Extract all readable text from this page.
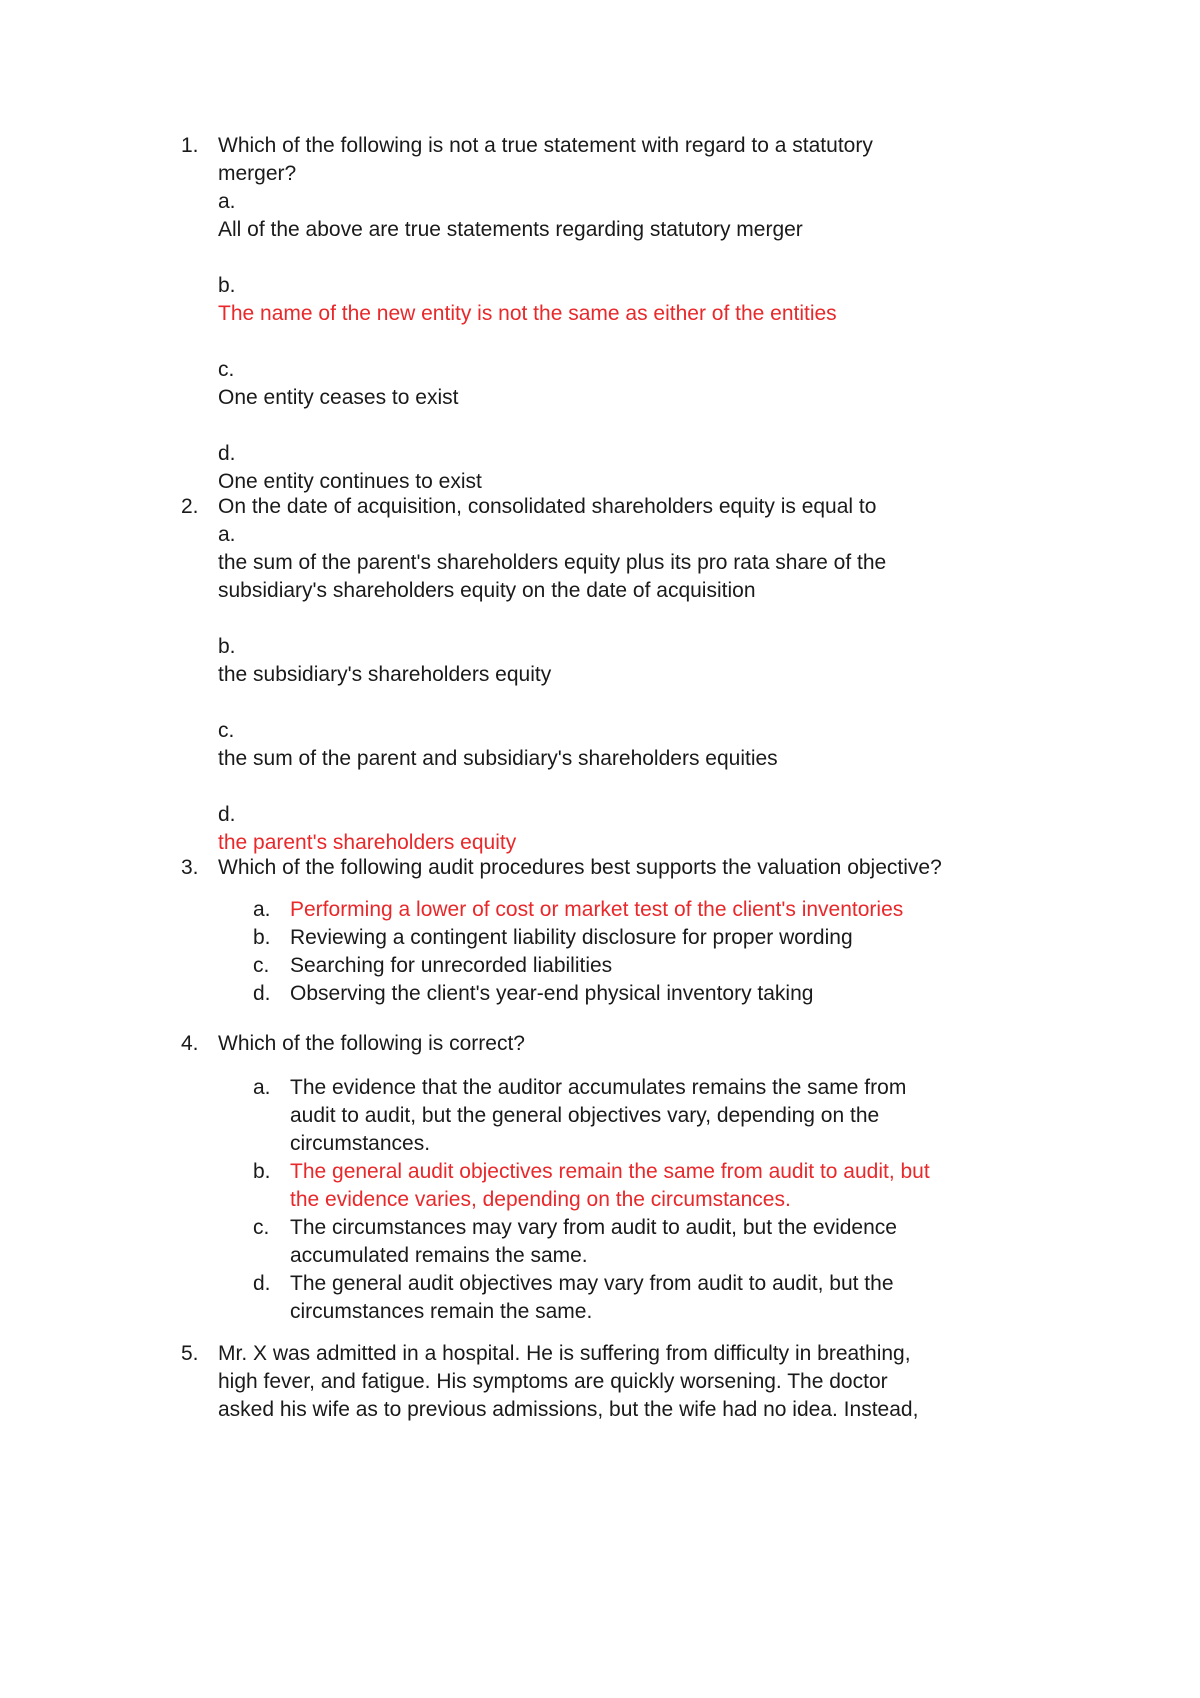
1. Which of the following is not a true statement with regard to a statutory
merger?
a.
All of the above are true statements regarding statutory merger
b.
The name of the new entity is not the same as either of the entities
c.
One entity ceases to exist
d.
One entity continues to exist
2. On the date of acquisition, consolidated shareholders equity is equal to
a.
the sum of the parent's shareholders equity plus its pro rata share of the
subsidiary's shareholders equity on the date of acquisition
b.
the subsidiary's shareholders equity
c.
the sum of the parent and subsidiary's shareholders equities
d.
the parent's shareholders equity
3. Which of the following audit procedures best supports the valuation objective?
a. Performing a lower of cost or market test of the client's inventories
b. Reviewing a contingent liability disclosure for proper wording
c. Searching for unrecorded liabilities
d. Observing the client's year-end physical inventory taking
4. Which of the following is correct?
a. The evidence that the auditor accumulates remains the same from
audit to audit, but the general objectives vary, depending on the
circumstances.
b. The general audit objectives remain the same from audit to audit, but
the evidence varies, depending on the circumstances.
c. The circumstances may vary from audit to audit, but the evidence
accumulated remains the same.
d. The general audit objectives may vary from audit to audit, but the
circumstances remain the same.
5. Mr. X was admitted in a hospital. He is suffering from difficulty in breathing,
high fever, and fatigue. His symptoms are quickly worsening. The doctor
asked his wife as to previous admissions, but the wife had no idea. Instead,
